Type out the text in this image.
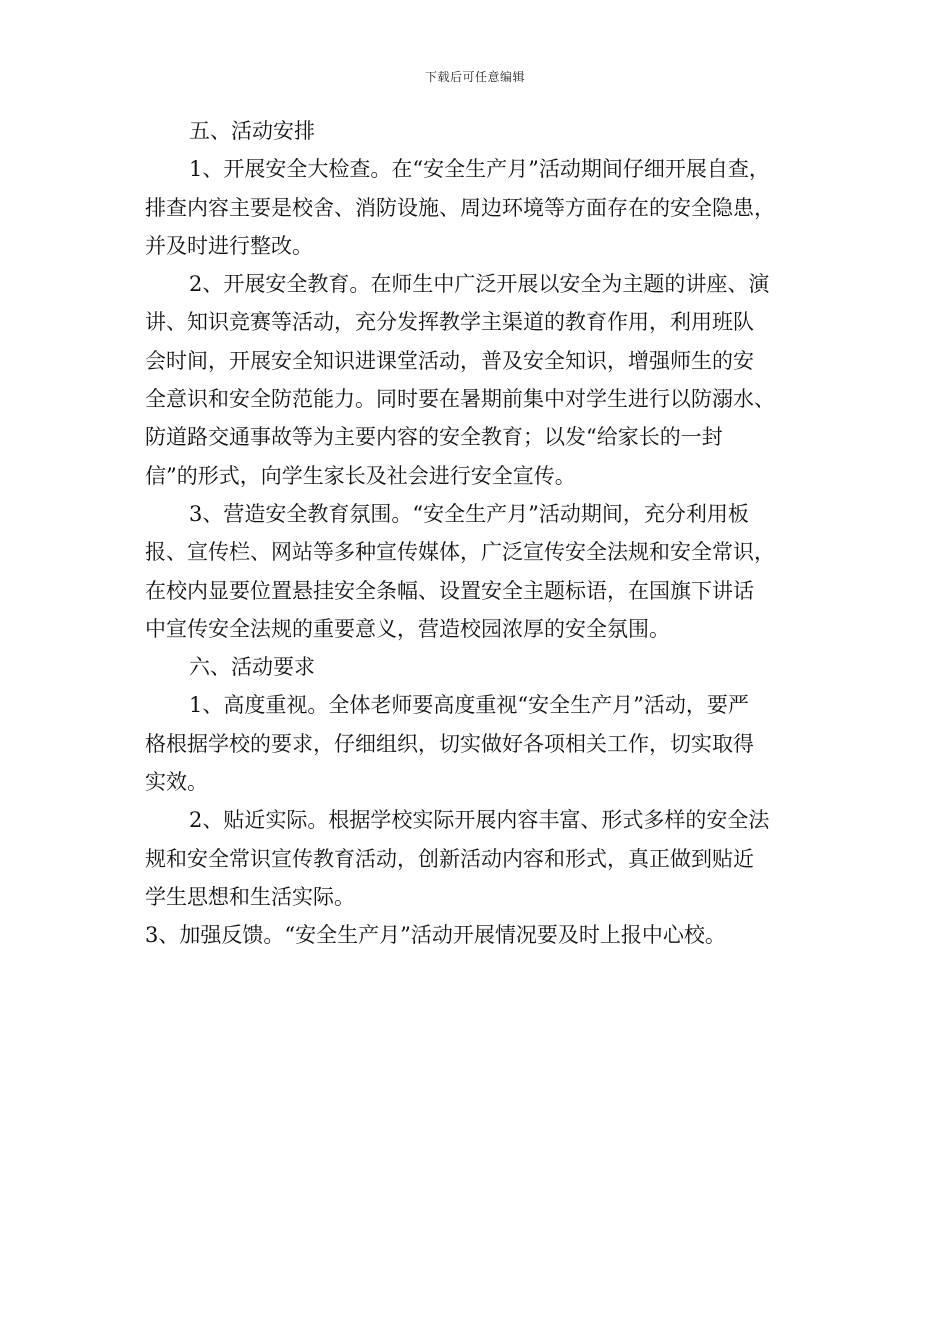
下载后可任意编辑
五、活动安排
1、开展安全大检查。在“安全生产月”活动期间仔细开展自查，
排查内容主要是校舍、消防设施、周边环境等方面存在的安全隐患，
并及时进行整改。
2、开展安全教育。在师生中广泛开展以安全为主题的讲座、演
讲、知识竞赛等活动，充分发挥教学主渠道的教育作用，利用班队
会时间，开展安全知识进课堂活动，普及安全知识，增强师生的安
全意识和安全防范能力。同时要在暑期前集中对学生进行以防溺水、
防道路交通事故等为主要内容的安全教育；以发“给家长的一封
信”的形式，向学生家长及社会进行安全宣传。
3、营造安全教育氛围。“安全生产月”活动期间，充分利用板
报、宣传栏、网站等多种宣传媒体，广泛宣传安全法规和安全常识，
在校内显要位置悬挂安全条幅、设置安全主题标语，在国旗下讲话
中宣传安全法规的重要意义，营造校园浓厚的安全氛围。
六、活动要求
1、高度重视。全体老师要高度重视“安全生产月”活动，要严
格根据学校的要求，仔细组织，切实做好各项相关工作，切实取得
实效。
2、贴近实际。根据学校实际开展内容丰富、形式多样的安全法
规和安全常识宣传教育活动，创新活动内容和形式，真正做到贴近
学生思想和生活实际。
3、加强反馈。“安全生产月”活动开展情况要及时上报中心校。
